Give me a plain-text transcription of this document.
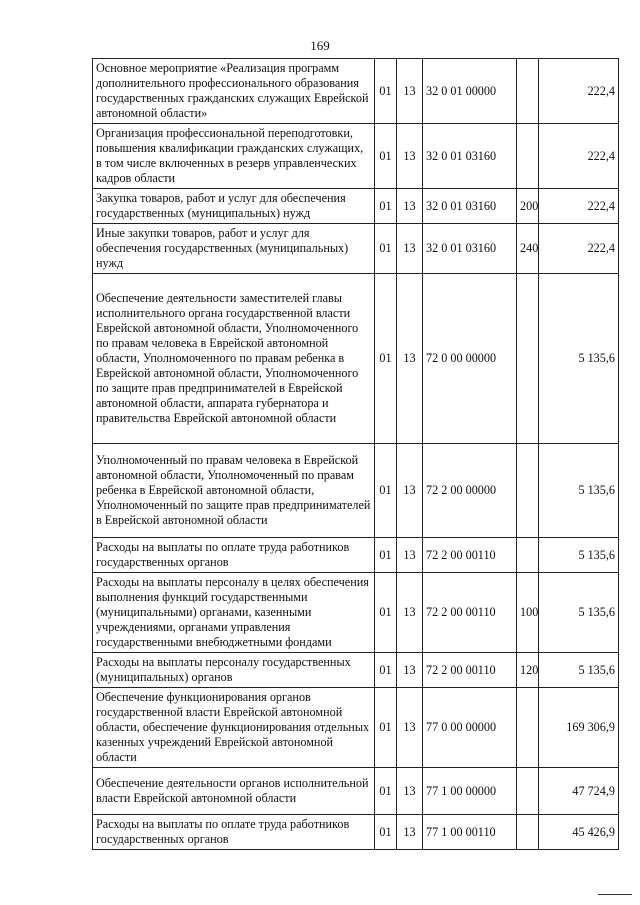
169
Основное мероприятие «Реализация программ дополнительного профессионального образования государственных гражданских служащих Еврейской автономной области»	01	13	32 0 01 00000		222,4
Организация профессиональной переподготовки, повышения квалификации гражданских служащих, в том числе включенных в резерв управленческих кадров области	01	13	32 0 01 03160		222,4
Закупка товаров, работ и услуг для обеспечения государственных (муниципальных) нужд	01	13	32 0 01 03160	200	222,4
Иные закупки товаров, работ и услуг для обеспечения государственных (муниципальных) нужд	01	13	32 0 01 03160	240	222,4
Обеспечение деятельности заместителей главы исполнительного органа государственной власти Еврейской автономной области, Уполномоченного по правам человека в Еврейской автономной области, Уполномоченного по правам ребенка в Еврейской автономной области, Уполномоченного по защите прав предпринимателей в Еврейской автономной области, аппарата губернатора и правительства Еврейской автономной области	01	13	72 0 00 00000		5 135,6
Уполномоченный по правам человека в Еврейской автономной области, Уполномоченный по правам ребенка в Еврейской автономной области, Уполномоченный по защите прав предпринимателей в Еврейской автономной области	01	13	72 2 00 00000		5 135,6
Расходы на выплаты по оплате труда работников государственных органов	01	13	72 2 00 00110		5 135,6
Расходы на выплаты персоналу в целях обеспечения выполнения функций государственными (муниципальными) органами, казенными учреждениями, органами управления государственными внебюджетными фондами	01	13	72 2 00 00110	100	5 135,6
Расходы на выплаты персоналу государственных (муниципальных) органов	01	13	72 2 00 00110	120	5 135,6
Обеспечение функционирования органов государственной власти Еврейской автономной области, обеспечение функционирования отдельных казенных учреждений Еврейской автономной области	01	13	77 0 00 00000		169 306,9
Обеспечение деятельности органов исполнительной власти Еврейской автономной области	01	13	77 1 00 00000		47 724,9
Расходы на выплаты по оплате труда работников государственных органов	01	13	77 1 00 00110		45 426,9
